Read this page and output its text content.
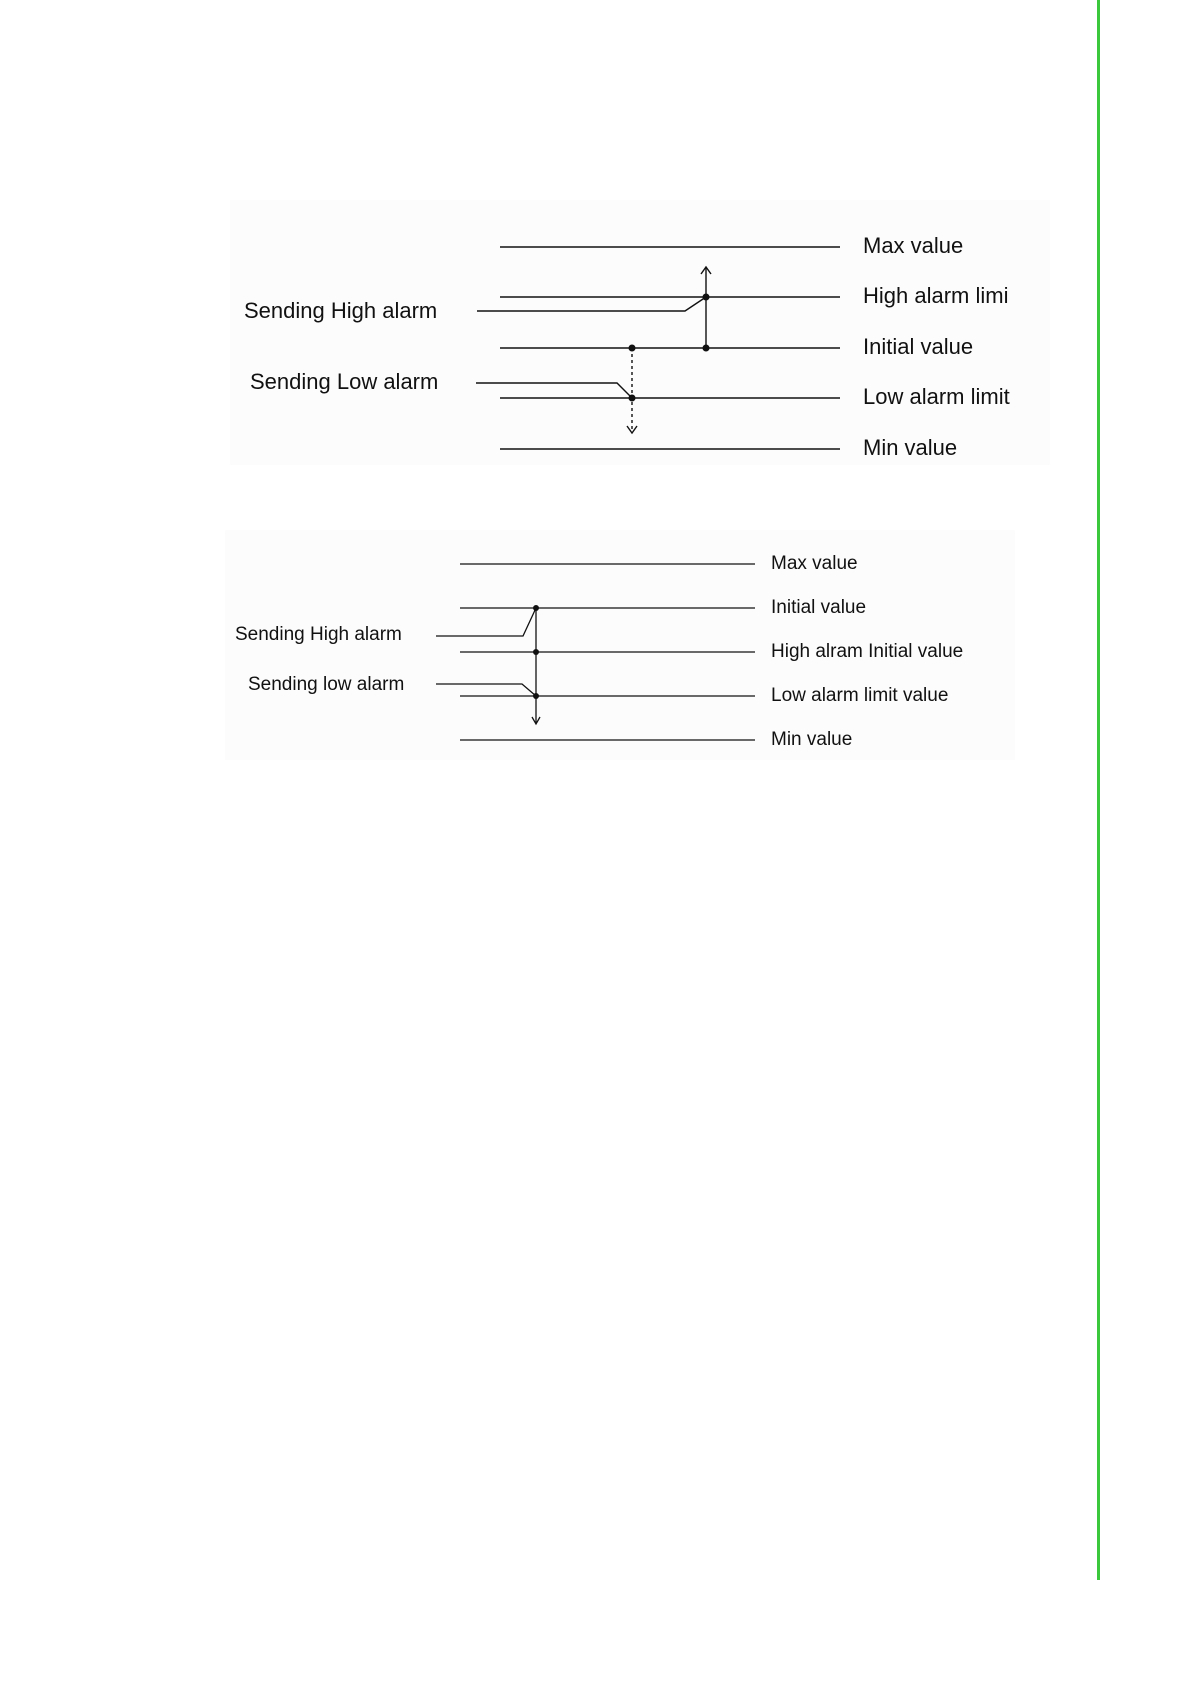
Max value
High alarm limi
Initial value
Low alarm limit
Min value
Sending High alarm
Sending Low alarm
Max value
Initial value
High alram Initial value
Low alarm limit value
Min value
Sending High alarm
Sending low alarm
